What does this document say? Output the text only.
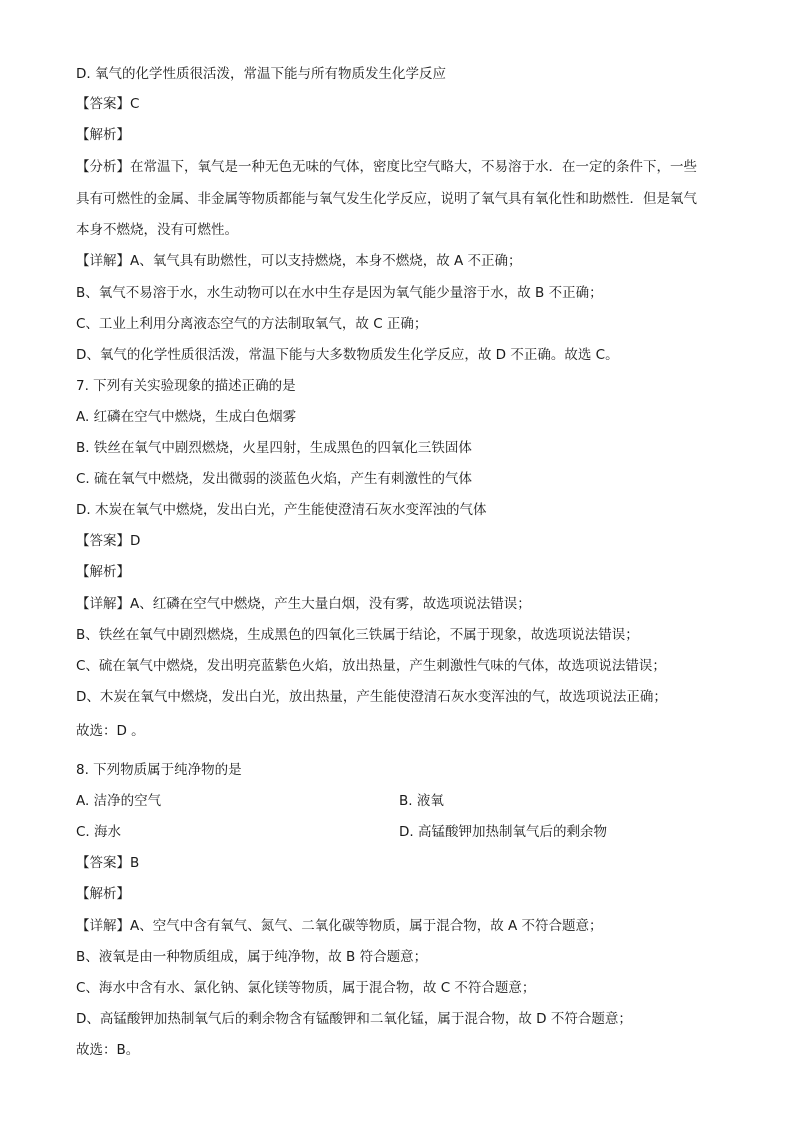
D. 氧气的化学性质很活泼，常温下能与所有物质发生化学反应
【答案】C
【解析】
【分析】在常温下，氧气是一种无色无味的气体，密度比空气略大，不易溶于水．在一定的条件下，一些
具有可燃性的金属、非金属等物质都能与氧气发生化学反应，说明了氧气具有氧化性和助燃性．但是氧气
本身不燃烧，没有可燃性。
【详解】A、氧气具有助燃性，可以支持燃烧，本身不燃烧，故 A 不正确；
B、氧气不易溶于水，水生动物可以在水中生存是因为氧气能少量溶于水，故 B 不正确；
C、工业上利用分离液态空气的方法制取氧气，故 C 正确；
D、氧气的化学性质很活泼，常温下能与大多数物质发生化学反应，故 D 不正确。故选 C。
7. 下列有关实验现象的描述正确的是
A. 红磷在空气中燃烧，生成白色烟雾
B. 铁丝在氧气中剧烈燃烧，火星四射，生成黑色的四氧化三铁固体
C. 硫在氧气中燃烧，发出微弱的淡蓝色火焰，产生有刺激性的气体
D. 木炭在氧气中燃烧，发出白光，产生能使澄清石灰水变浑浊的气体
【答案】D
【解析】
【详解】A、红磷在空气中燃烧，产生大量白烟，没有雾，故选项说法错误；
B、铁丝在氧气中剧烈燃烧，生成黑色的四氧化三铁属于结论，不属于现象，故选项说法错误；
C、硫在氧气中燃烧，发出明亮蓝紫色火焰，放出热量，产生刺激性气味的气体，故选项说法错误；
D、木炭在氧气中燃烧，发出白光，放出热量，产生能使澄清石灰水变浑浊的气，故选项说法正确；
故选：D 。
8. 下列物质属于纯净物的是
A. 洁净的空气	B. 液氧
C. 海水	D. 高锰酸钾加热制氧气后的剩余物
【答案】B
【解析】
【详解】A、空气中含有氧气、氮气、二氧化碳等物质，属于混合物，故 A 不符合题意；
B、液氧是由一种物质组成，属于纯净物，故 B 符合题意；
C、海水中含有水、氯化钠、氯化镁等物质，属于混合物，故 C 不符合题意；
D、高锰酸钾加热制氧气后的剩余物含有锰酸钾和二氧化锰，属于混合物，故 D 不符合题意；
故选：B。
